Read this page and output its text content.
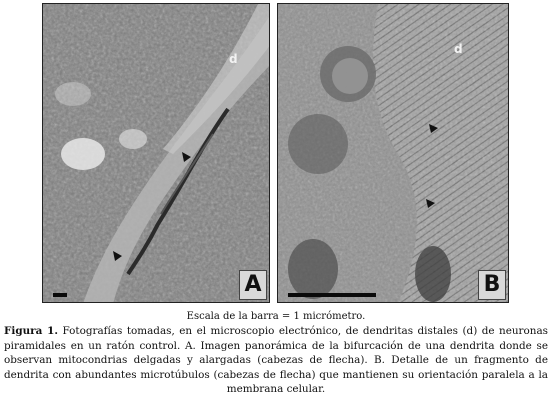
d
A
d
B
Escala de la barra = 1 micrómetro.
Figura 1. Fotografías tomadas, en el microscopio electrónico, de dendritas distales (d) de neuronas piramidales en un ratón control. A. Imagen panorámica de la bifurcación de una dendrita donde se observan mitocondrias delgadas y alargadas (cabezas de flecha). B. Detalle de un fragmento de dendrita con abundantes microtúbulos (cabezas de flecha) que mantienen su orientación paralela a la membrana celular.
